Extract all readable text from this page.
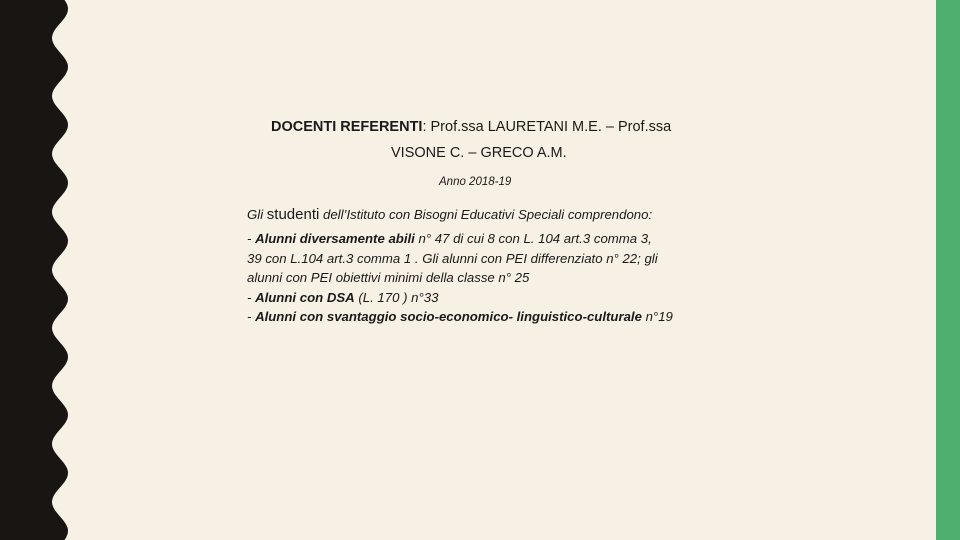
DOCENTI REFERENTI: Prof.ssa LAURETANI M.E. – Prof.ssa
VISONE C. – GRECO A.M.
Anno 2018-19
Gli studenti dell’Istituto con Bisogni Educativi Speciali comprendono:
- Alunni diversamente abili n° 47 di cui 8 con L. 104 art.3 comma 3,
39 con L.104 art.3 comma 1 . Gli alunni con PEI differenziato n° 22; gli
alunni con PEI obiettivi minimi della classe n° 25
- Alunni con DSA (L. 170 ) n°33
- Alunni con svantaggio socio-economico- linguistico-culturale n°19
